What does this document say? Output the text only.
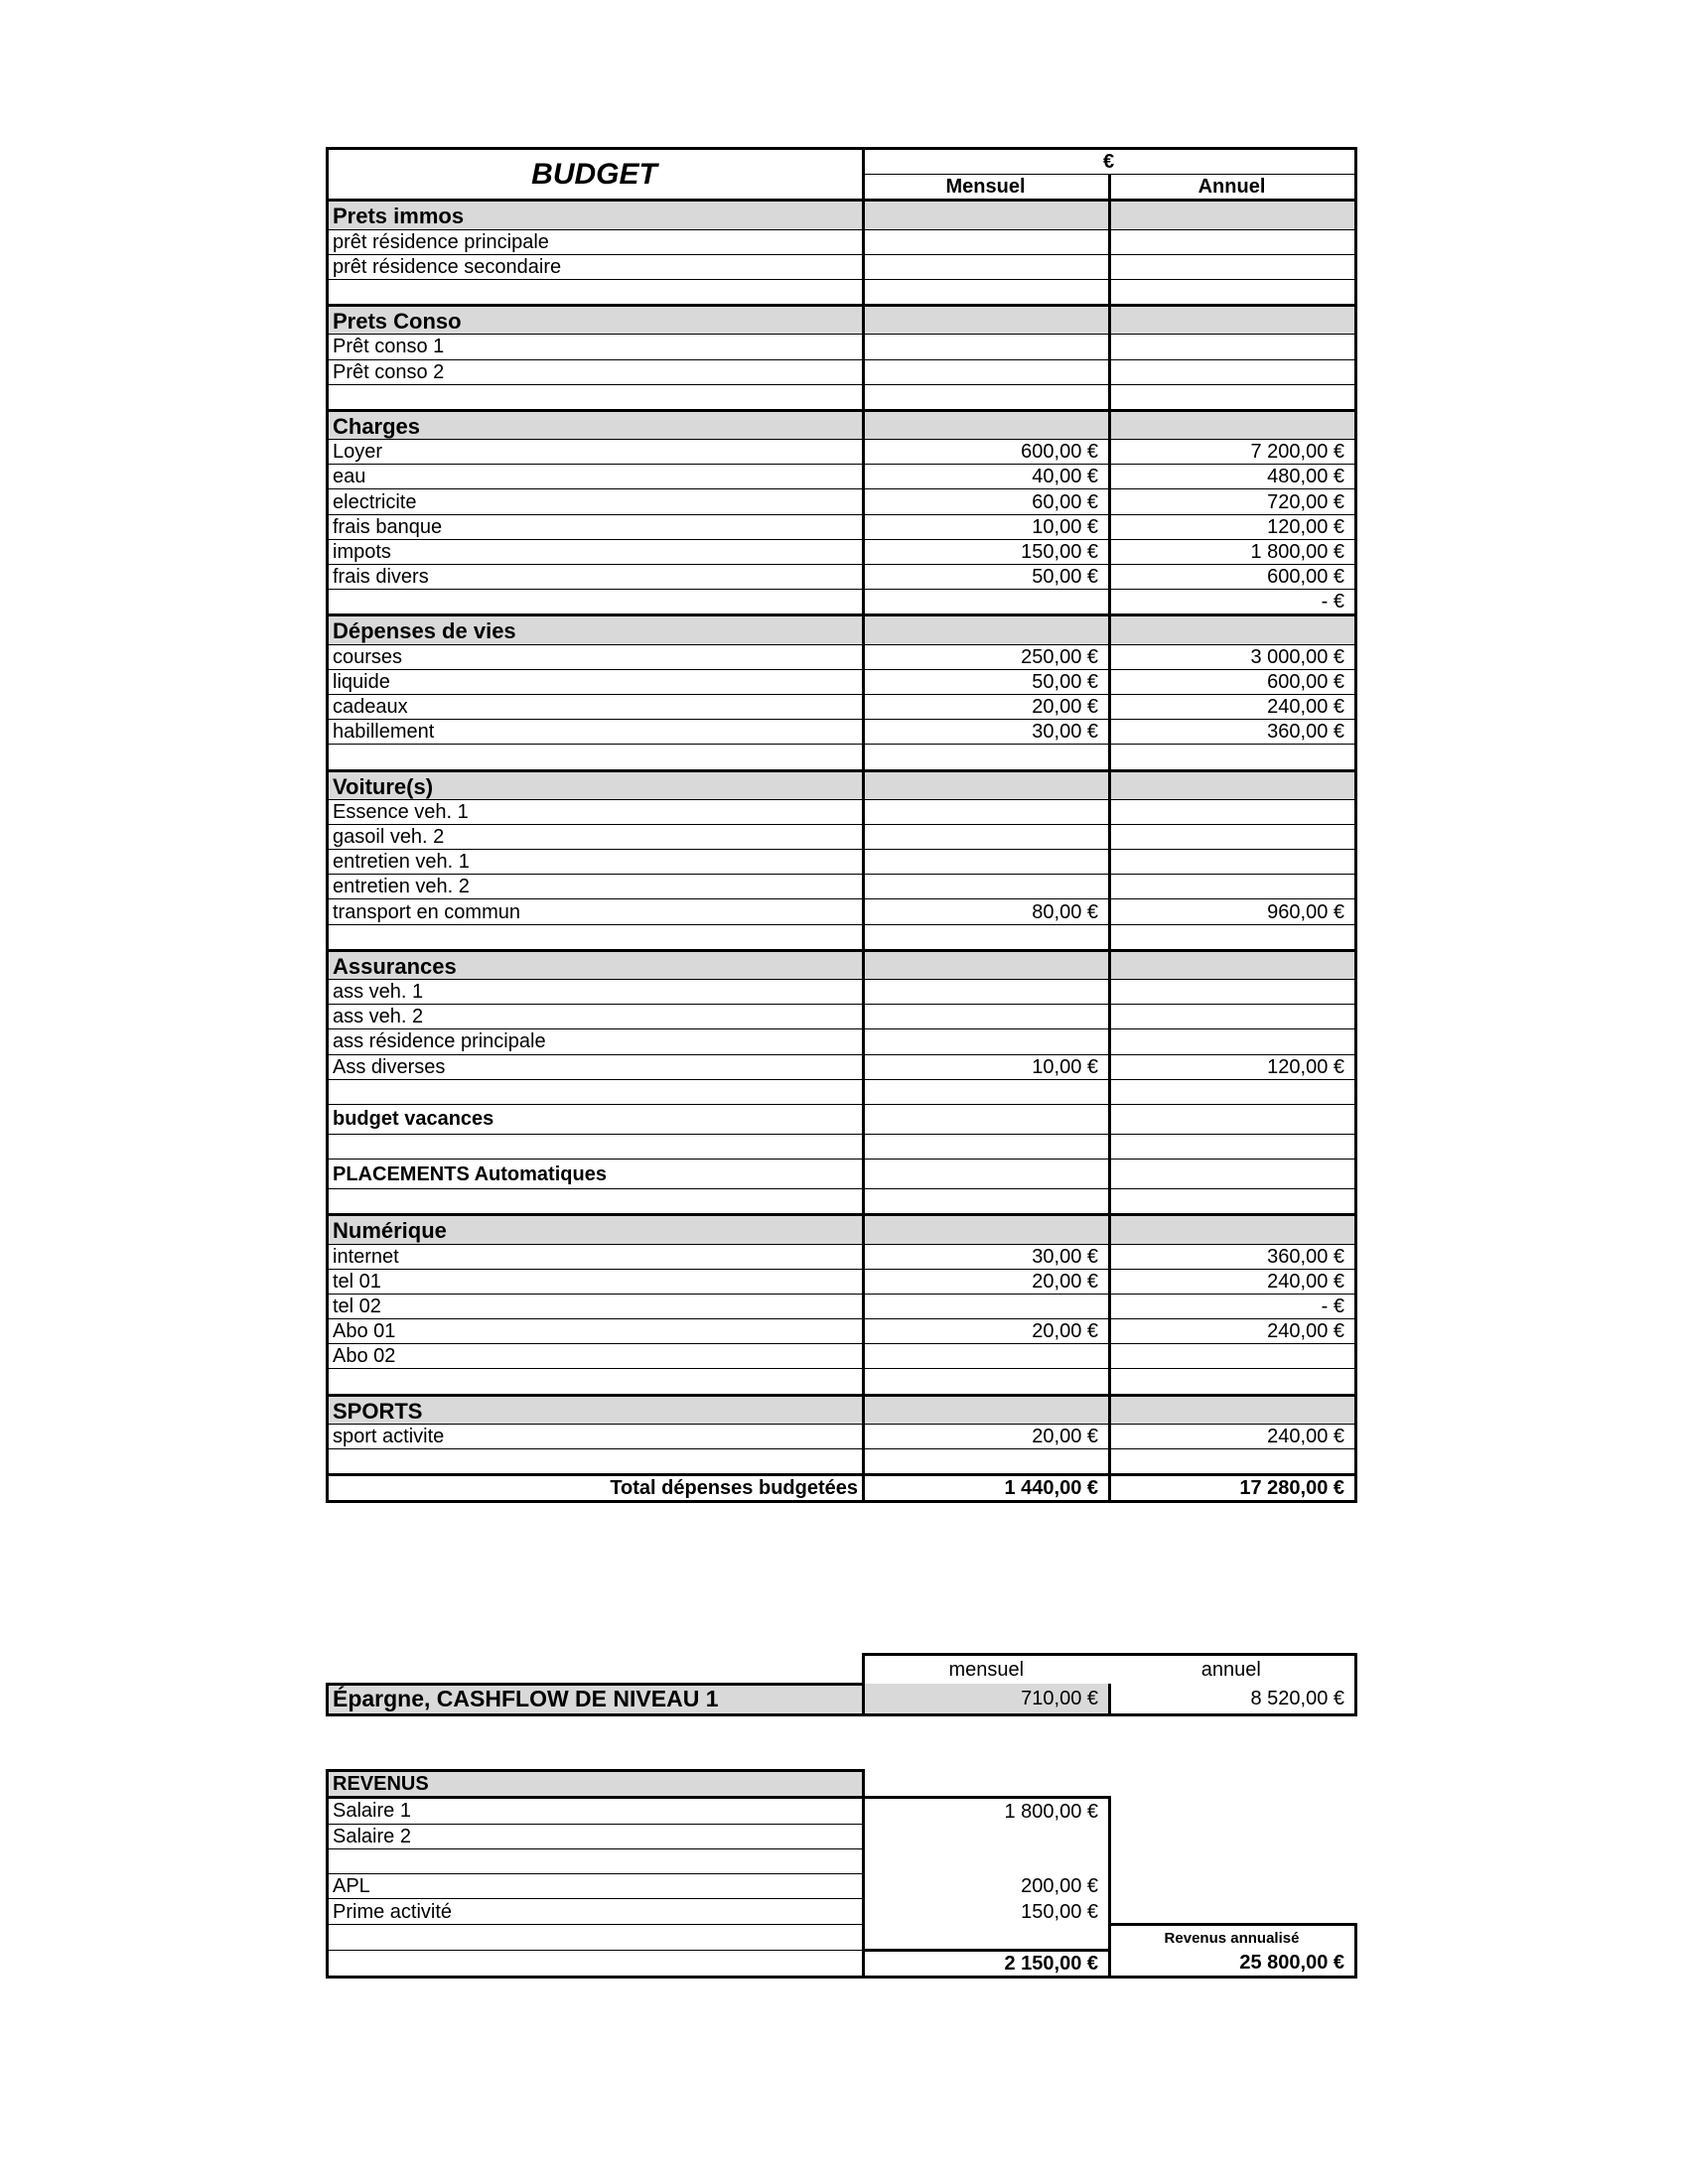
BUDGET	€	
	Mensuel	Annuel
Prets immos		
prêt résidence principale		
prêt résidence secondaire		

Prets Conso		
Prêt conso 1		
Prêt conso 2		

Charges		
Loyer	600,00 €	7 200,00 €
eau	40,00 €	480,00 €
electricite	60,00 €	720,00 €
frais banque	10,00 €	120,00 €
impots	150,00 €	1 800,00 €
frais divers	50,00 €	600,00 €
		- €
Dépenses de vies		
courses	250,00 €	3 000,00 €
liquide	50,00 €	600,00 €
cadeaux	20,00 €	240,00 €
habillement	30,00 €	360,00 €

Voiture(s)		
Essence veh. 1		
gasoil veh. 2		
entretien veh. 1		
entretien veh. 2		
transport en commun	80,00 €	960,00 €

Assurances		
ass veh. 1		
ass veh. 2		
ass résidence principale		
Ass diverses	10,00 €	120,00 €

budget vacances		

PLACEMENTS Automatiques		

Numérique		
internet	30,00 €	360,00 €
tel 01	20,00 €	240,00 €
tel 02		- €
Abo 01	20,00 €	240,00 €
Abo 02		

SPORTS		
sport activite	20,00 €	240,00 €

Total dépenses budgetées	1 440,00 €	17 280,00 €
	mensuel	annuel
Épargne, CASHFLOW DE NIVEAU 1	710,00 €	8 520,00 €
REVENUS		
Salaire 1	1 800,00 €	
Salaire 2		

APL	200,00 €	
Prime activité	150,00 €	
		Revenus annualisé
	2 150,00 €	25 800,00 €
